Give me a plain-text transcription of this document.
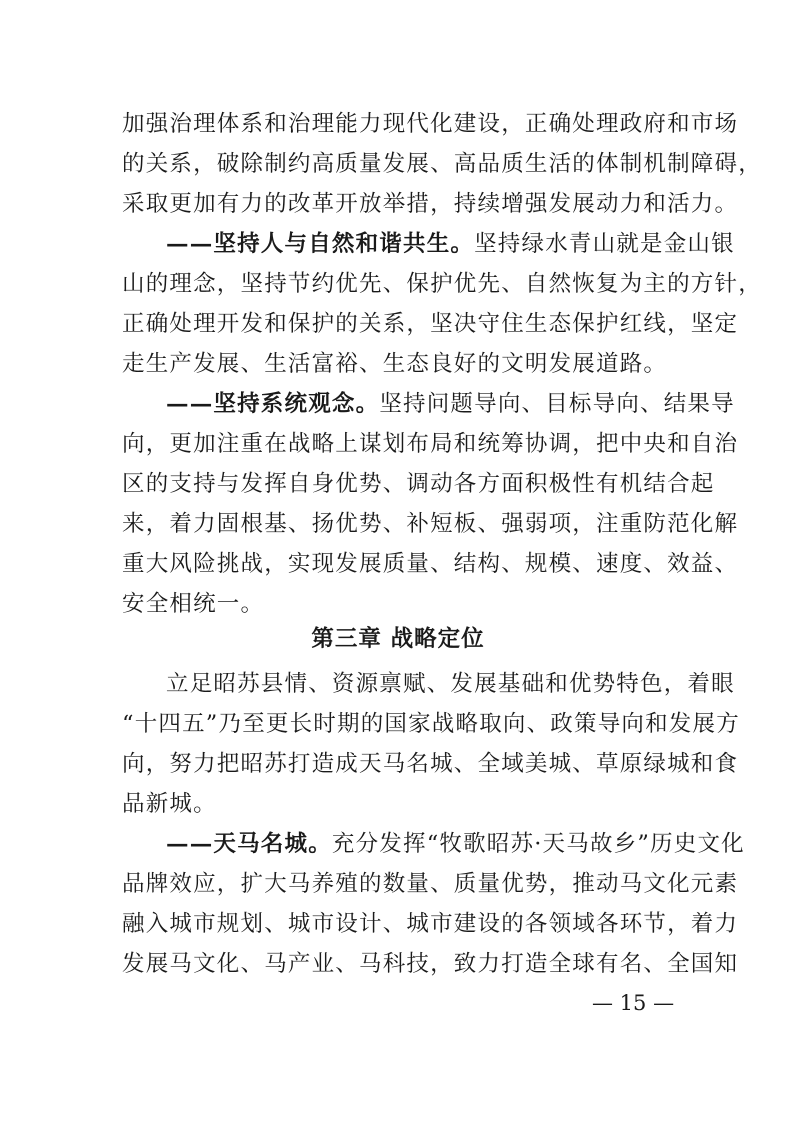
加强治理体系和治理能力现代化建设，正确处理政府和市场
的关系，破除制约高质量发展、高品质生活的体制机制障碍，
采取更加有力的改革开放举措，持续增强发展动力和活力。
——坚持人与自然和谐共生。坚持绿水青山就是金山银
山的理念，坚持节约优先、保护优先、自然恢复为主的方针，
正确处理开发和保护的关系，坚决守住生态保护红线，坚定
走生产发展、生活富裕、生态良好的文明发展道路。
——坚持系统观念。坚持问题导向、目标导向、结果导
向，更加注重在战略上谋划布局和统筹协调，把中央和自治
区的支持与发挥自身优势、调动各方面积极性有机结合起
来，着力固根基、扬优势、补短板、强弱项，注重防范化解
重大风险挑战，实现发展质量、结构、规模、速度、效益、
安全相统一。
第三章 战略定位
立足昭苏县情、资源禀赋、发展基础和优势特色，着眼
“十四五”乃至更长时期的国家战略取向、政策导向和发展方
向，努力把昭苏打造成天马名城、全域美城、草原绿城和食
品新城。
——天马名城。充分发挥“牧歌昭苏·天马故乡”历史文化
品牌效应，扩大马养殖的数量、质量优势，推动马文化元素
融入城市规划、城市设计、城市建设的各领域各环节，着力
发展马文化、马产业、马科技，致力打造全球有名、全国知
— 15 —
